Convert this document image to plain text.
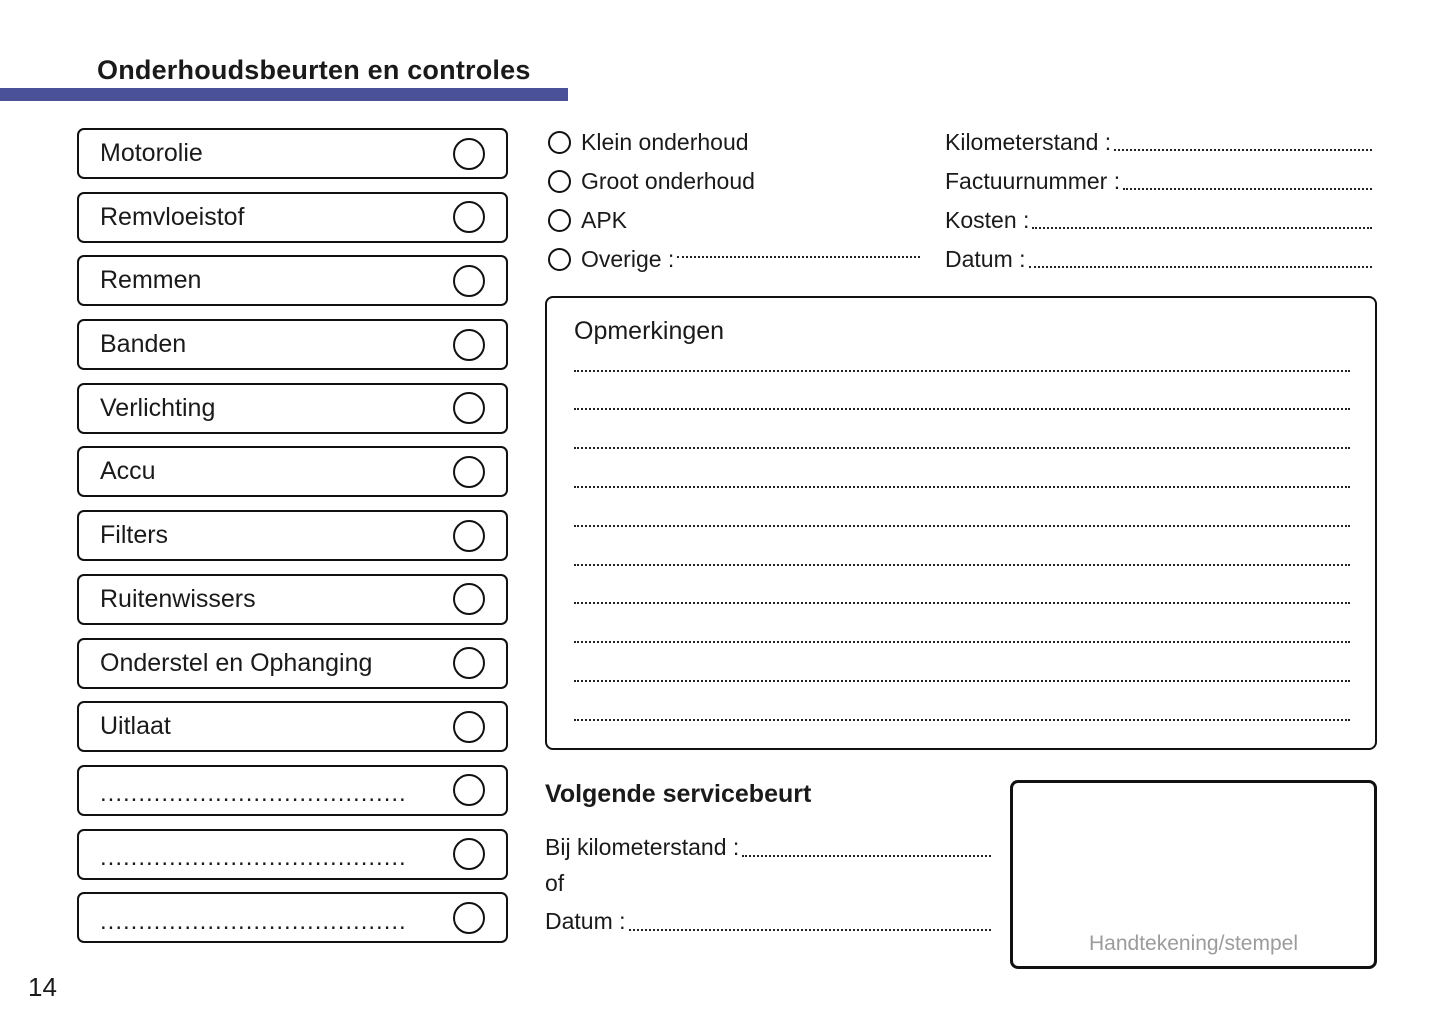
Onderhoudsbeurten en controles
Motorolie
Remvloeistof
Remmen
Banden
Verlichting
Accu
Filters
Ruitenwissers
Onderstel en Ophanging
Uitlaat
........................................
........................................
........................................
Klein onderhoud
Groot onderhoud
APK
Overige :
Kilometerstand :
Factuurnummer :
Kosten :
Datum :
Opmerkingen
Volgende servicebeurt
Bij kilometerstand :
of
Datum :
Handtekening/stempel
14
